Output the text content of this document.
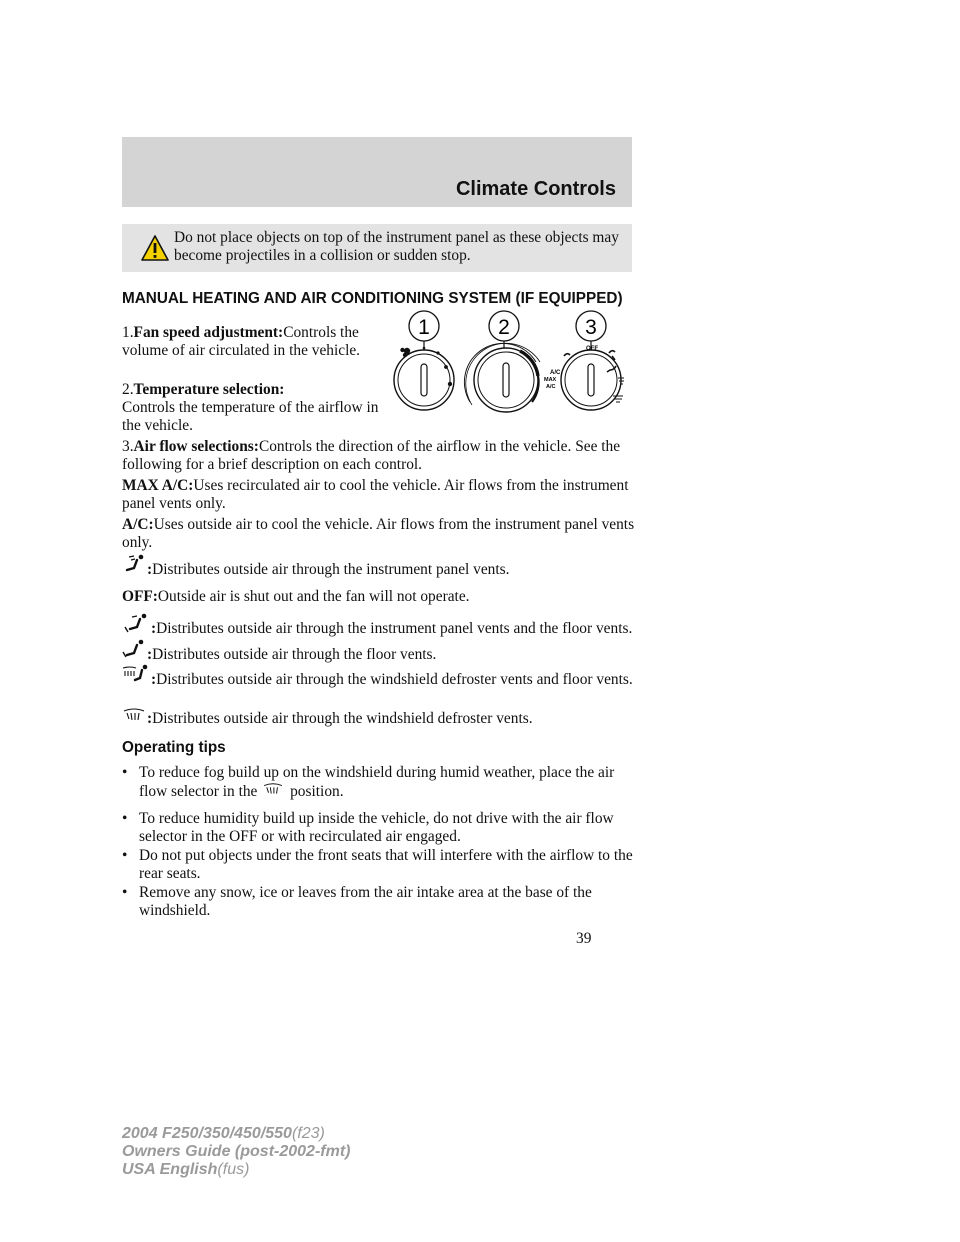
Climate Controls
Do not place objects on top of the instrument panel as these objects may become projectiles in a collision or sudden stop.
MANUAL HEATING AND AIR CONDITIONING SYSTEM (IF EQUIPPED)
1	2	3
A/C
OFF
MAX
A/C
1.Fan speed adjustment:Controls the volume of air circulated in the vehicle.
2.Temperature selection:
Controls the temperature of the airflow in the vehicle.
3.Air flow selections:Controls the direction of the airflow in the vehicle. See the following for a brief description on each control.
MAX A/C:Uses recirculated air to cool the vehicle. Air flows from the instrument panel vents only.
A/C:Uses outside air to cool the vehicle. Air flows from the instrument panel vents only.
:Distributes outside air through the instrument panel vents.
OFF:Outside air is shut out and the fan will not operate.
:Distributes outside air through the instrument panel vents and the floor vents.
:Distributes outside air through the floor vents.
:Distributes outside air through the windshield defroster vents and floor vents.
:Distributes outside air through the windshield defroster vents.
Operating tips
• To reduce fog build up on the windshield during humid weather, place the air flow selector in the position.
• To reduce humidity build up inside the vehicle, do not drive with the air flow selector in the OFF or with recirculated air engaged.
• Do not put objects under the front seats that will interfere with the airflow to the rear seats.
• Remove any snow, ice or leaves from the air intake area at the base of the windshield.
39
2004 F250/350/450/550(f23)
Owners Guide (post-2002-fmt)
USA English(fus)
